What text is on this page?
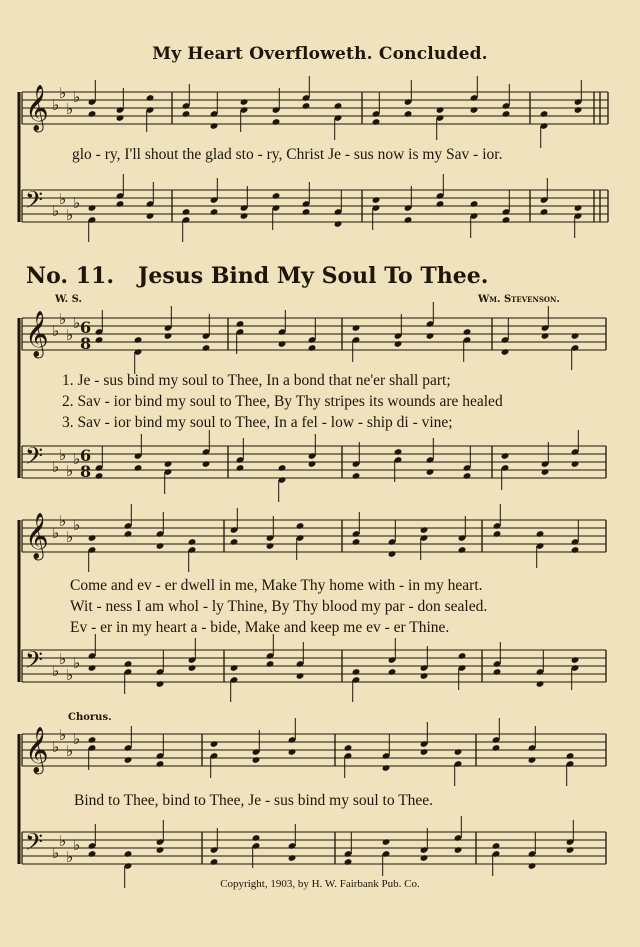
𝄞 ♭
♭
♭
♭
𝄢 ♭
♭
♭
♭
𝄞 ♭
♭
♭
♭
𝄢 ♭
♭
♭
♭
6
8
6
8
𝄞 ♭
♭
♭
♭
𝄢 ♭
♭
♭
♭
𝄞 ♭
♭
♭
♭
𝄢 ♭
♭
♭
♭
My Heart Overfloweth. Concluded.
glo - ry, I'll shout the glad sto - ry, Christ Je - sus now is my Sav - ior.
No. 11. Jesus Bind My Soul To Thee.
W. S.	Wm. Stevenson.
1. Je - sus bind my soul to Thee, In a bond that ne'er shall part;
2. Sav - ior bind my soul to Thee, By Thy stripes its wounds are healed
3. Sav - ior bind my soul to Thee, In a fel - low - ship di - vine;
Come and ev - er dwell in me, Make Thy home with - in my heart.
Wit - ness I am whol - ly Thine, By Thy blood my par - don sealed.
Ev - er in my heart a - bide, Make and keep me ev - er Thine.
Chorus.
Bind to Thee, bind to Thee, Je - sus bind my soul to Thee.
Copyright, 1903, by H. W. Fairbank Pub. Co.
